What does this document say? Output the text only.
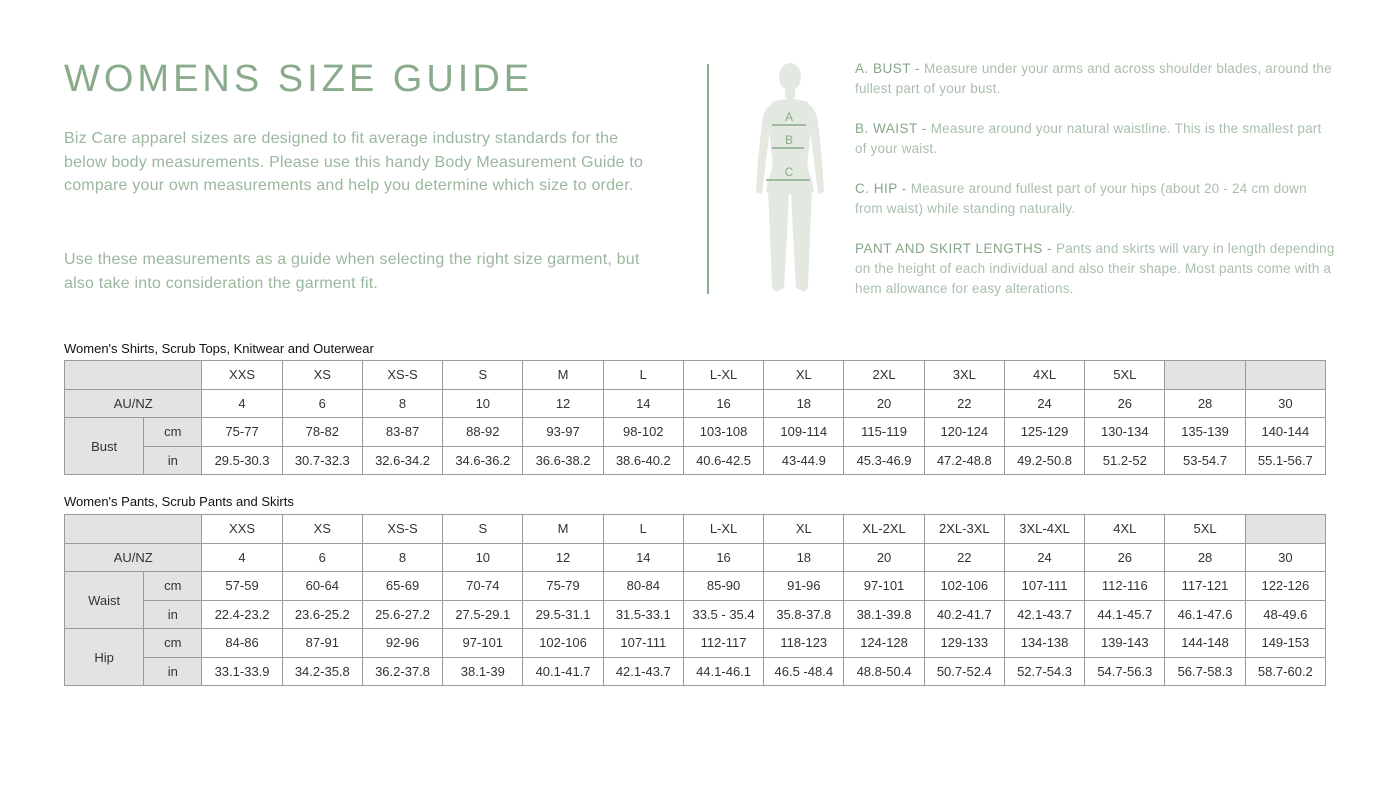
WOMENS SIZE GUIDE

Biz Care apparel sizes are designed to fit average industry standards for the below body measurements. Please use this handy Body Measurement Guide to compare your own measurements and help you determine which size to order.

Use these measurements as a guide when selecting the right size garment, but also take into consideration the garment fit.

A
B
C

A. BUST - Measure under your arms and across shoulder blades, around the fullest part of your bust.

B. WAIST - Measure around your natural waistline. This is the smallest part of your waist.

C. HIP - Measure around fullest part of your hips (about 20 - 24 cm down from waist) while standing naturally.

PANT AND SKIRT LENGTHS - Pants and skirts will vary in length depending on the height of each individual and also their shape. Most pants come with a hem allowance for easy alterations.

Women's Shirts, Scrub Tops, Knitwear and Outerwear

		XXS	XS	XS-S	S	M	L	L-XL	XL	2XL	3XL	4XL	5XL		
AU/NZ		4	6	8	10	12	14	16	18	20	22	24	26	28	30
Bust	cm	75-77	78-82	83-87	88-92	93-97	98-102	103-108	109-114	115-119	120-124	125-129	130-134	135-139	140-144
	in	29.5-30.3	30.7-32.3	32.6-34.2	34.6-36.2	36.6-38.2	38.6-40.2	40.6-42.5	43-44.9	45.3-46.9	47.2-48.8	49.2-50.8	51.2-52	53-54.7	55.1-56.7

Women's Pants, Scrub Pants and Skirts

		XXS	XS	XS-S	S	M	L	L-XL	XL	XL-2XL	2XL-3XL	3XL-4XL	4XL	5XL	
AU/NZ		4	6	8	10	12	14	16	18	20	22	24	26	28	30
Waist	cm	57-59	60-64	65-69	70-74	75-79	80-84	85-90	91-96	97-101	102-106	107-111	112-116	117-121	122-126
	in	22.4-23.2	23.6-25.2	25.6-27.2	27.5-29.1	29.5-31.1	31.5-33.1	33.5 - 35.4	35.8-37.8	38.1-39.8	40.2-41.7	42.1-43.7	44.1-45.7	46.1-47.6	48-49.6
Hip	cm	84-86	87-91	92-96	97-101	102-106	107-111	112-117	118-123	124-128	129-133	134-138	139-143	144-148	149-153
	in	33.1-33.9	34.2-35.8	36.2-37.8	38.1-39	40.1-41.7	42.1-43.7	44.1-46.1	46.5 -48.4	48.8-50.4	50.7-52.4	52.7-54.3	54.7-56.3	56.7-58.3	58.7-60.2
